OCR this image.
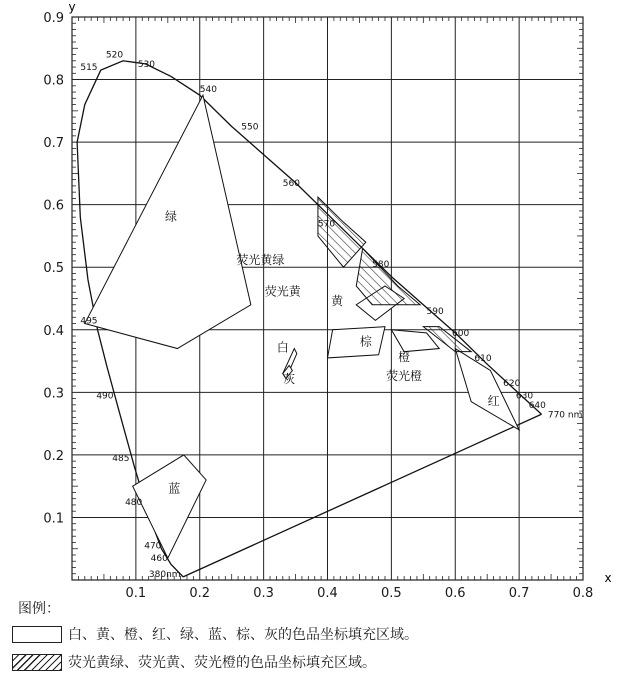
0.1	0.2	0.3	0.4	0.5	0.6	0.7	0.8
0.1
0.2
0.3
0.4
0.5
0.6
0.7
0.8
0.9
x
y
380nm
460
470
480
485
490
495
515
520
530
540
550
560
570
580
590
600
610
620
630
640
770 nm
绿
蓝
白
灰
黄
棕
橙
红
荧光黄绿
荧光黄
荧光橙
图例：
白、黄、橙、红、绿、蓝、棕、灰的色品坐标填充区域。
荧光黄绿、荧光黄、荧光橙的色品坐标填充区域。
